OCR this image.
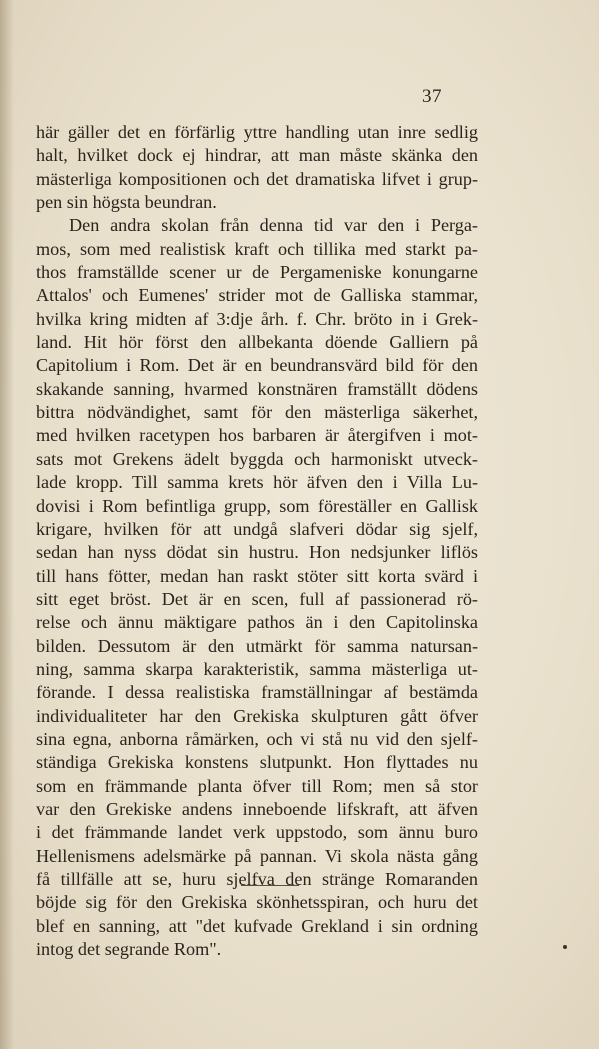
37
här gäller det en förfärlig yttre handling utan inre sedlig
halt, hvilket dock ej hindrar, att man måste skänka den
mästerliga kompositionen och det dramatiska lifvet i grup-
pen sin högsta beundran.
Den andra skolan från denna tid var den i Perga-
mos, som med realistisk kraft och tillika med starkt pa-
thos framställde scener ur de Pergameniske konungarne
Attalos' och Eumenes' strider mot de Galliska stammar,
hvilka kring midten af 3:dje årh. f. Chr. bröto in i Grek-
land. Hit hör först den allbekanta döende Galliern på
Capitolium i Rom. Det är en beundransvärd bild för den
skakande sanning, hvarmed konstnären framställt dödens
bittra nödvändighet, samt för den mästerliga säkerhet,
med hvilken racetypen hos barbaren är återgifven i mot-
sats mot Grekens ädelt byggda och harmoniskt utveck-
lade kropp. Till samma krets hör äfven den i Villa Lu-
dovisi i Rom befintliga grupp, som föreställer en Gallisk
krigare, hvilken för att undgå slafveri dödar sig sjelf,
sedan han nyss dödat sin hustru. Hon nedsjunker liflös
till hans fötter, medan han raskt stöter sitt korta svärd i
sitt eget bröst. Det är en scen, full af passionerad rö-
relse och ännu mäktigare pathos än i den Capitolinska
bilden. Dessutom är den utmärkt för samma natursan-
ning, samma skarpa karakteristik, samma mästerliga ut-
förande. I dessa realistiska framställningar af bestämda
individualiteter har den Grekiska skulpturen gått öfver
sina egna, anborna råmärken, och vi stå nu vid den sjelf-
ständiga Grekiska konstens slutpunkt. Hon flyttades nu
som en främmande planta öfver till Rom; men så stor
var den Grekiske andens inneboende lifskraft, att äfven
i det främmande landet verk uppstodo, som ännu buro
Hellenismens adelsmärke på pannan. Vi skola nästa gång
få tillfälle att se, huru sjelfva den stränge Romaranden
böjde sig för den Grekiska skönhetsspiran, och huru det
blef en sanning, att "det kufvade Grekland i sin ordning
intog det segrande Rom".
